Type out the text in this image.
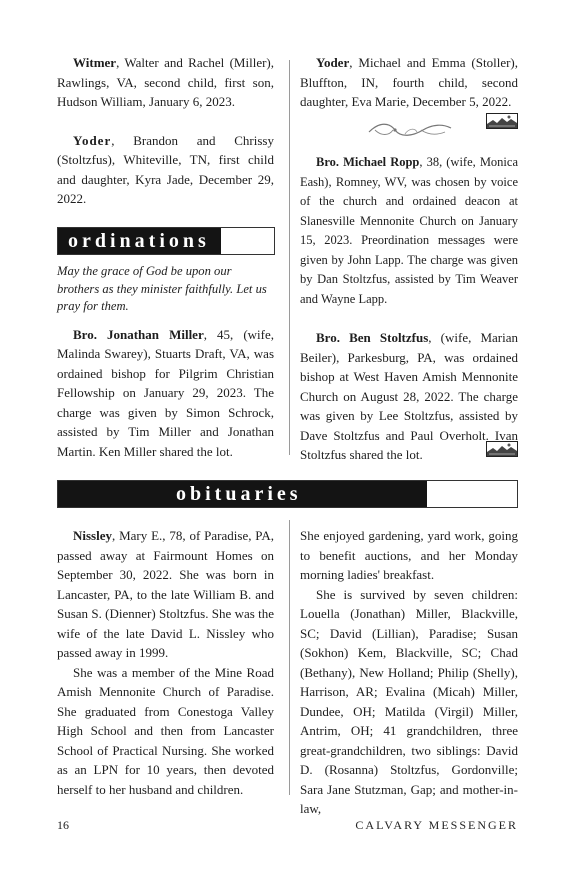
Witmer, Walter and Rachel (Miller), Rawlings, VA, second child, first son, Hudson William, January 6, 2023.

Yoder, Brandon and Chrissy (Stoltzfus), Whiteville, TN, first child and daughter, Kyra Jade, December 29, 2022.

ordinations

May the grace of God be upon our brothers as they minister faithfully. Let us pray for them.

Bro. Jonathan Miller, 45, (wife, Malinda Swarey), Stuarts Draft, VA, was ordained bishop for Pilgrim Christian Fellowship on January 29, 2023. The charge was given by Simon Schrock, assisted by Tim Miller and Jonathan Martin. Ken Miller shared the lot.

Yoder, Michael and Emma (Stoller), Bluffton, IN, fourth child, second daughter, Eva Marie, December 5, 2022.

Bro. Michael Ropp, 38, (wife, Monica Eash), Romney, WV, was chosen by voice of the church and ordained deacon at Slanesville Mennonite Church on January 15, 2023. Preordination messages were given by John Lapp. The charge was given by Dan Stoltzfus, assisted by Tim Weaver and Wayne Lapp.

Bro. Ben Stoltzfus, (wife, Marian Beiler), Parkesburg, PA, was ordained bishop at West Haven Amish Mennonite Church on August 28, 2022. The charge was given by Lee Stoltzfus, assisted by Dave Stoltzfus and Paul Overholt. Ivan Stoltzfus shared the lot.

obituaries

Nissley, Mary E., 78, of Paradise, PA, passed away at Fairmount Homes on September 30, 2022. She was born in Lancaster, PA, to the late William B. and Susan S. (Dienner) Stoltzfus. She was the wife of the late David L. Nissley who passed away in 1999.

She was a member of the Mine Road Amish Mennonite Church of Paradise. She graduated from Conestoga Valley High School and then from Lancaster School of Practical Nursing. She worked as an LPN for 10 years, then devoted herself to her husband and children.

She enjoyed gardening, yard work, going to benefit auctions, and her Monday morning ladies' breakfast.

She is survived by seven children: Louella (Jonathan) Miller, Blackville, SC; David (Lillian), Paradise; Susan (Sokhon) Kem, Blackville, SC; Chad (Bethany), New Holland; Philip (Shelly), Harrison, AR; Evalina (Micah) Miller, Dundee, OH; Matilda (Virgil) Miller, Antrim, OH; 41 grandchildren, three great-grandchildren, two siblings: David D. (Rosanna) Stoltzfus, Gordonville; Sara Jane Stutzman, Gap; and mother-in-law,

16	CALVARY MESSENGER
